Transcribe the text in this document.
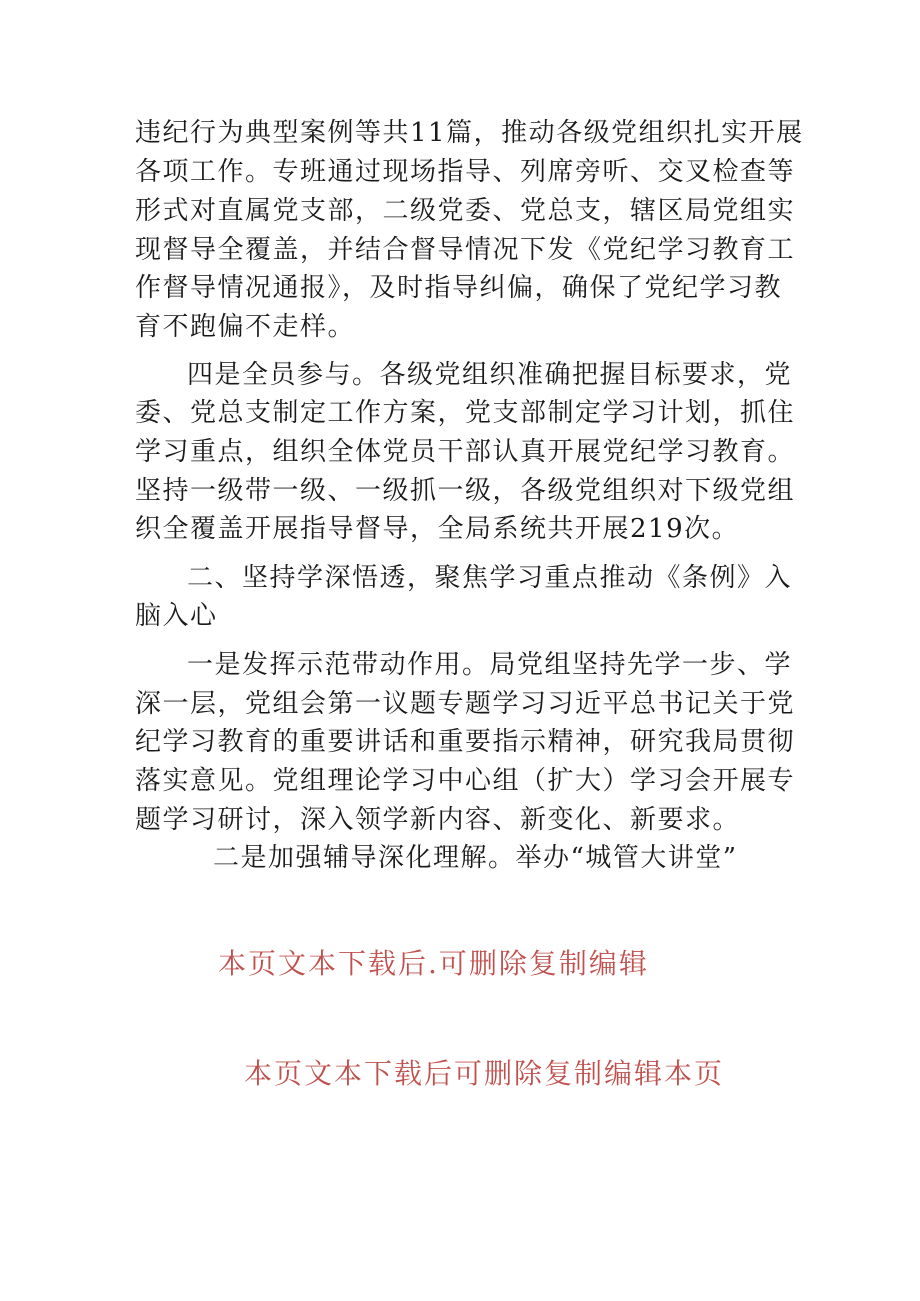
违纪行为典型案例等共11篇，推动各级党组织扎实开展
各项工作。专班通过现场指导、列席旁听、交叉检查等
形式对直属党支部，二级党委、党总支，辖区局党组实
现督导全覆盖，并结合督导情况下发《党纪学习教育工
作督导情况通报》，及时指导纠偏，确保了党纪学习教
育不跑偏不走样。
四是全员参与。各级党组织准确把握目标要求，党
委、党总支制定工作方案，党支部制定学习计划，抓住
学习重点，组织全体党员干部认真开展党纪学习教育。
坚持一级带一级、一级抓一级，各级党组织对下级党组
织全覆盖开展指导督导，全局系统共开展219次。
二、坚持学深悟透，聚焦学习重点推动《条例》入
脑入心
一是发挥示范带动作用。局党组坚持先学一步、学
深一层，党组会第一议题专题学习习近平总书记关于党
纪学习教育的重要讲话和重要指示精神，研究我局贯彻
落实意见。党组理论学习中心组（扩大）学习会开展专
题学习研讨，深入领学新内容、新变化、新要求。
二是加强辅导深化理解。举办“城管大讲堂”
本页文本下载后.可删除复制编辑
本页文本下载后可删除复制编辑本页
